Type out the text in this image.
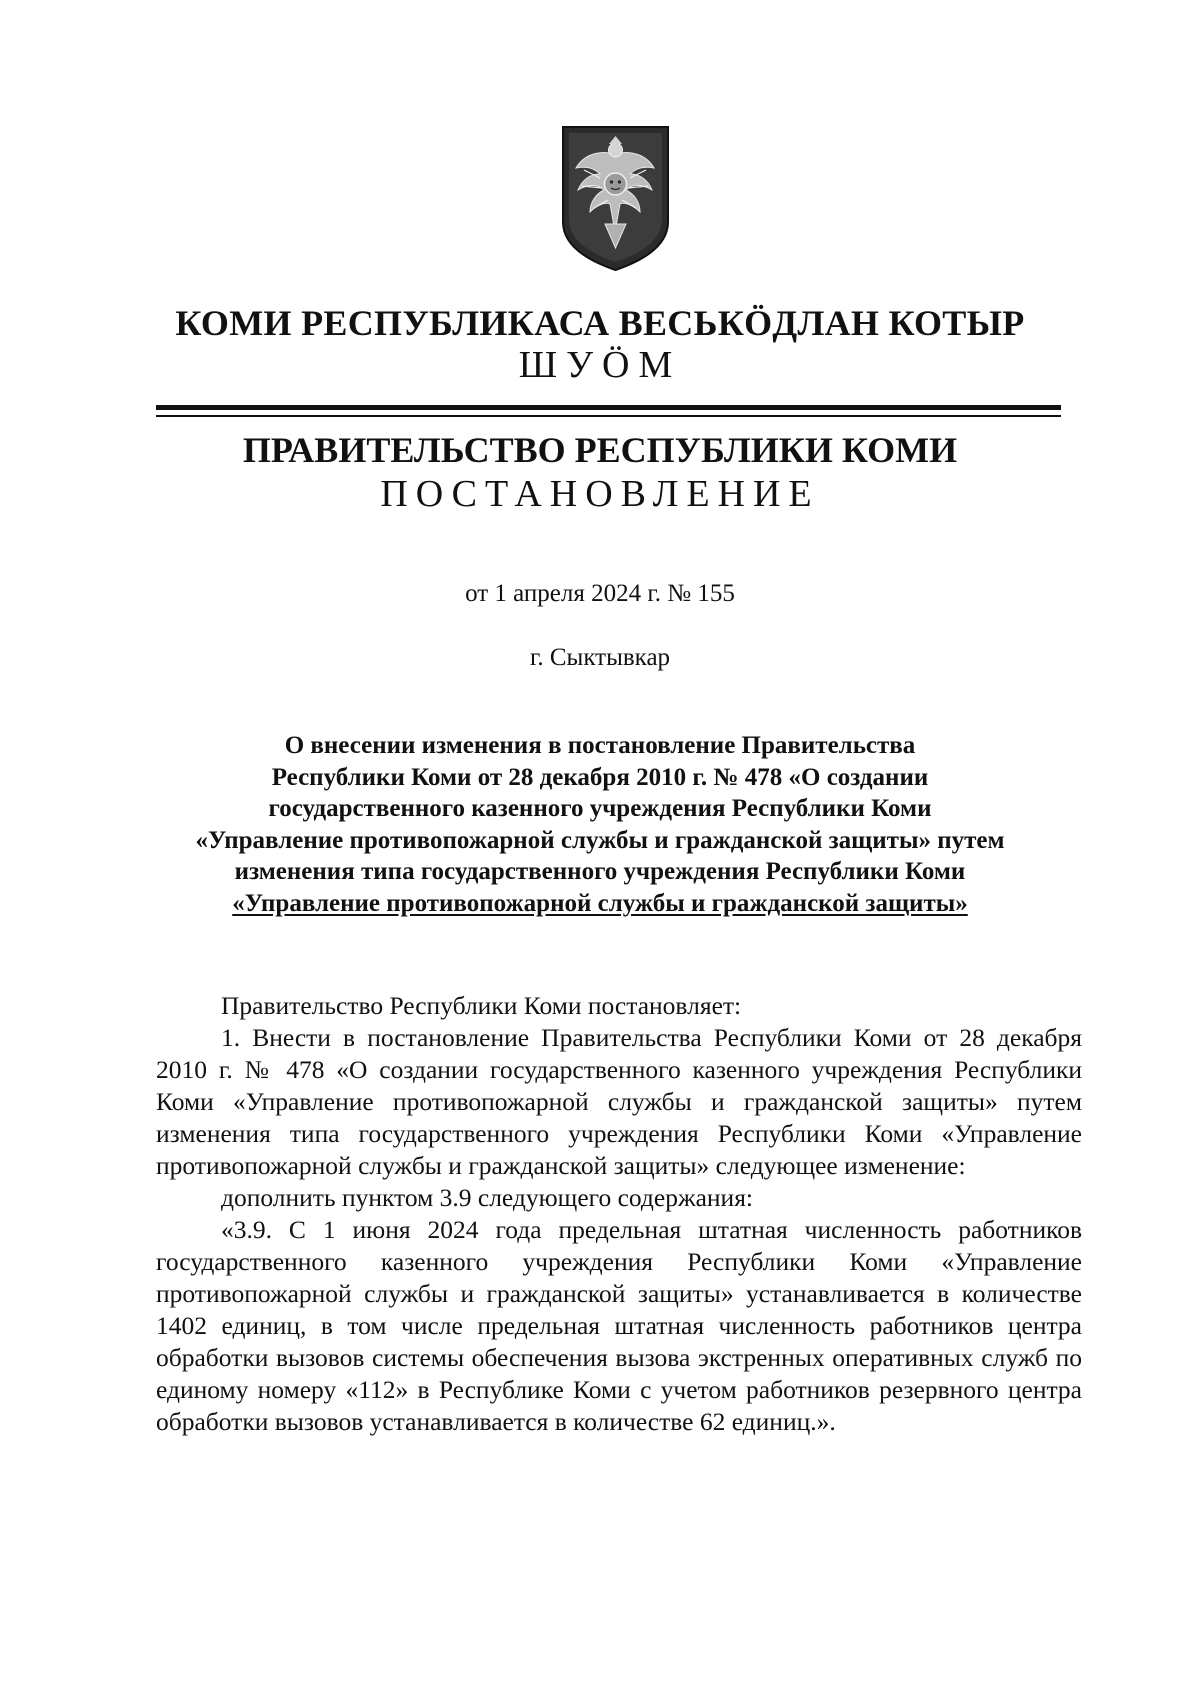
КОМИ РЕСПУБЛИКАСА ВЕСЬКӦДЛАН КОТЫР
ШУӦМ
ПРАВИТЕЛЬСТВО РЕСПУБЛИКИ КОМИ
ПОСТАНОВЛЕНИЕ
от 1 апреля 2024 г. № 155
г. Сыктывкар
О внесении изменения в постановление Правительства
Республики Коми от 28 декабря 2010 г. № 478 «О создании
государственного казенного учреждения Республики Коми
«Управление противопожарной службы и гражданской защиты» путем
изменения типа государственного учреждения Республики Коми
«Управление противопожарной службы и гражданской защиты»

Правительство Республики Коми постановляет:

1. Внести в постановление Правительства Республики Коми от 28 декабря 2010 г. № 478 «О создании государственного казенного учреждения Республики Коми «Управление противопожарной службы и гражданской защиты» путем изменения типа государственного учреждения Республики Коми «Управление противопожарной службы и гражданской защиты» следующее изменение:

дополнить пунктом 3.9 следующего содержания:

«3.9. С 1 июня 2024 года предельная штатная численность работников государственного казенного учреждения Республики Коми «Управление противопожарной службы и гражданской защиты» устанавливается в количестве 1402 единиц, в том числе предельная штатная численность работников центра обработки вызовов системы обеспечения вызова экстренных оперативных служб по единому номеру «112» в Республике Коми с учетом работников резервного центра обработки вызовов устанавливается в количестве 62 единиц.».
